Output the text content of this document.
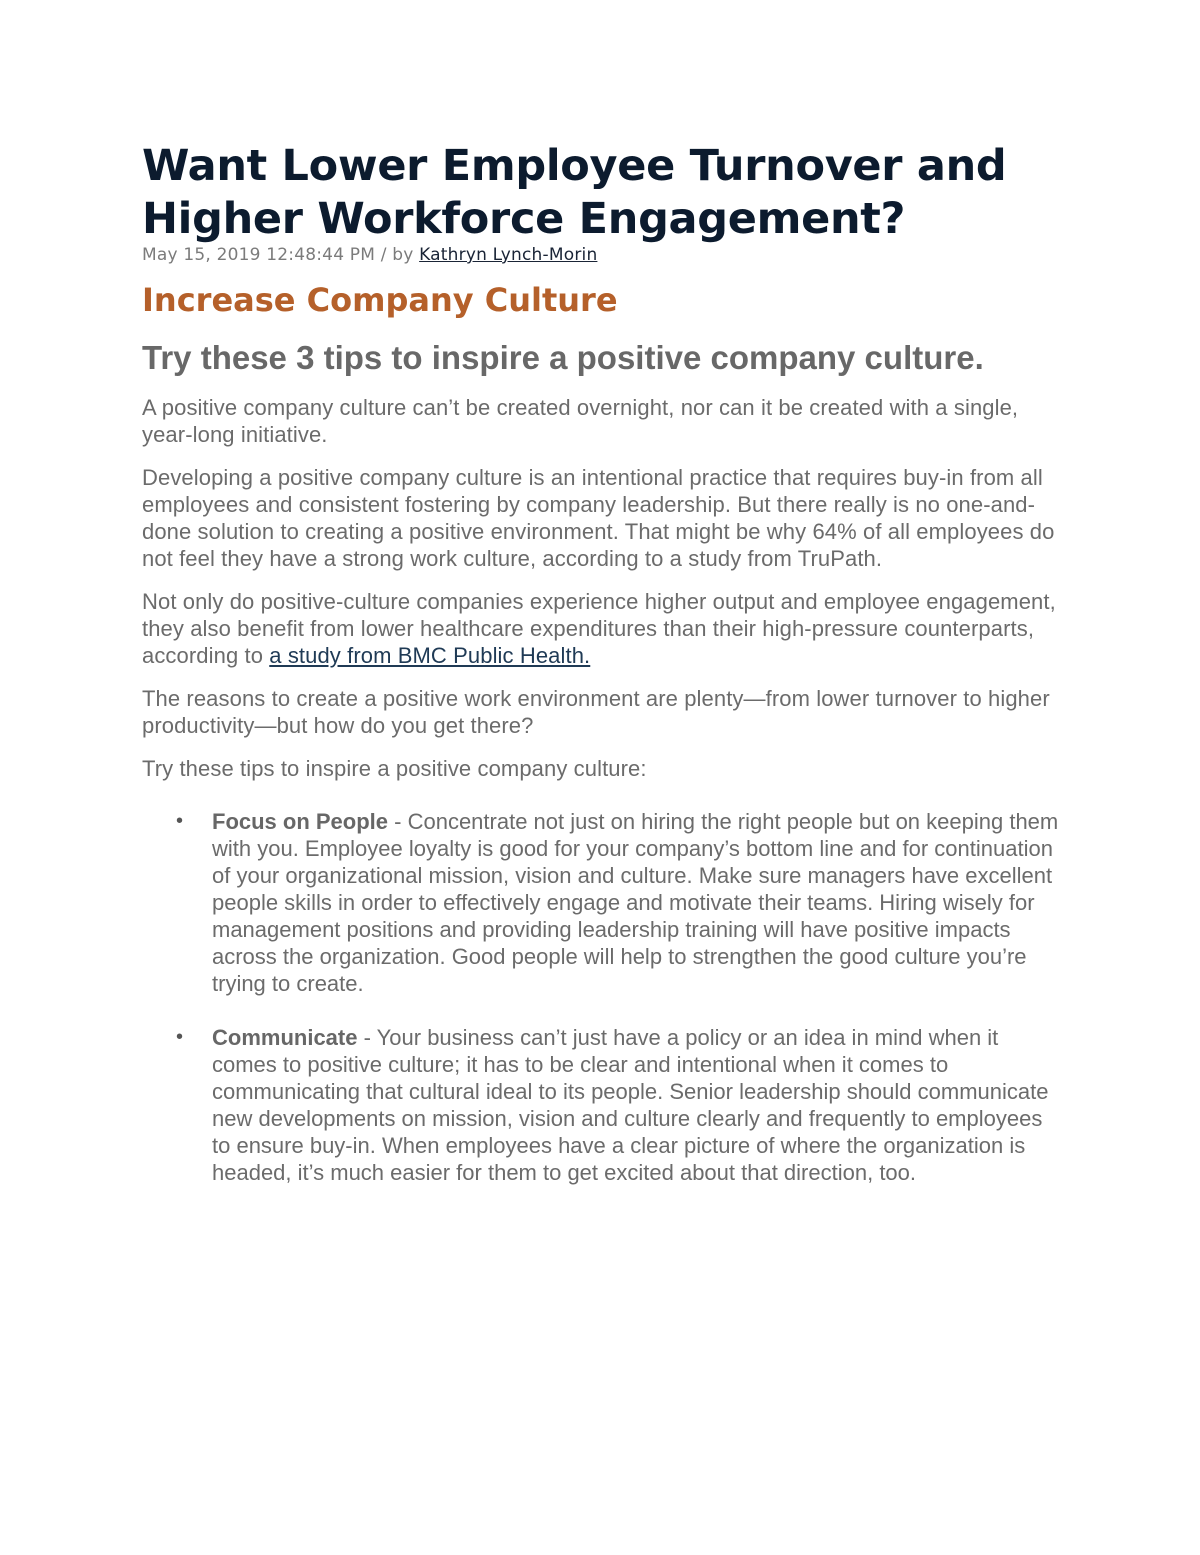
Want Lower Employee Turnover and Higher Workforce Engagement?

May 15, 2019 12:48:44 PM / by Kathryn Lynch-Morin

Increase Company Culture
Try these 3 tips to inspire a positive company culture.

A positive company culture can’t be created overnight, nor can it be created with a single, year-long initiative.

Developing a positive company culture is an intentional practice that requires buy-in from all employees and consistent fostering by company leadership. But there really is no one-and-done solution to creating a positive environment. That might be why 64% of all employees do not feel they have a strong work culture, according to a study from TruPath.

Not only do positive-culture companies experience higher output and employee engagement, they also benefit from lower healthcare expenditures than their high-pressure counterparts, according to a study from BMC Public Health.

The reasons to create a positive work environment are plenty—from lower turnover to higher productivity—but how do you get there?

Try these tips to inspire a positive company culture:

• Focus on People - Concentrate not just on hiring the right people but on keeping them with you. Employee loyalty is good for your company’s bottom line and for continuation of your organizational mission, vision and culture. Make sure managers have excellent people skills in order to effectively engage and motivate their teams. Hiring wisely for management positions and providing leadership training will have positive impacts across the organization. Good people will help to strengthen the good culture you’re trying to create.
• Communicate - Your business can’t just have a policy or an idea in mind when it comes to positive culture; it has to be clear and intentional when it comes to communicating that cultural ideal to its people. Senior leadership should communicate new developments on mission, vision and culture clearly and frequently to employees to ensure buy-in. When employees have a clear picture of where the organization is headed, it’s much easier for them to get excited about that direction, too.
